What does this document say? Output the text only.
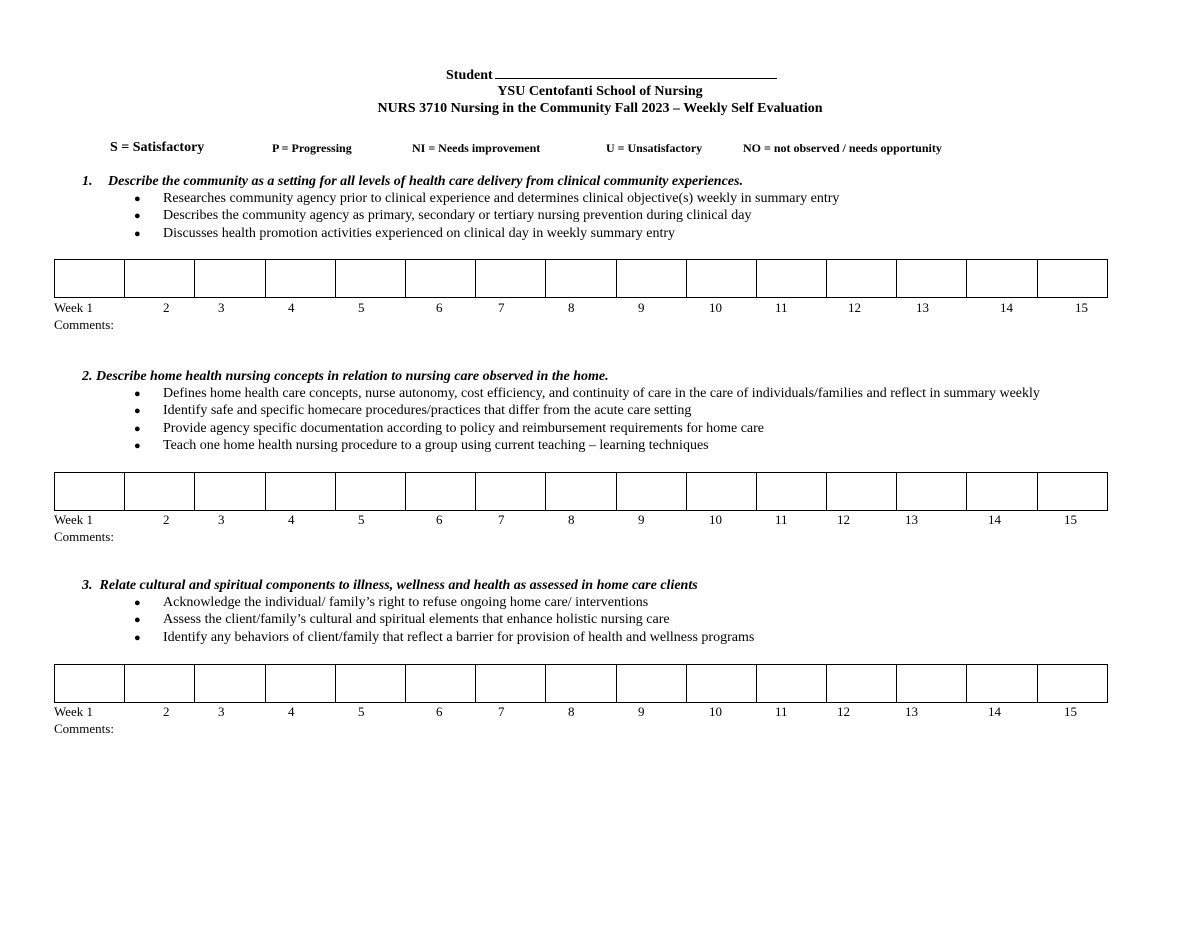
Student
YSU Centofanti School of Nursing
NURS 3710 Nursing in the Community Fall 2023 – Weekly Self Evaluation
S = Satisfactory	P = Progressing	NI = Needs improvement	U = Unsatisfactory	NO = not observed / needs opportunity
1. Describe the community as a setting for all levels of health care delivery from clinical community experiences.
● Researches community agency prior to clinical experience and determines clinical objective(s) weekly in summary entry
● Describes the community agency as primary, secondary or tertiary nursing prevention during clinical day
● Discusses health promotion activities experienced on clinical day in weekly summary entry

Week 1	2	3	4	5	6	7	8	9	10	11	12	13	14	15
Comments:
2. Describe home health nursing concepts in relation to nursing care observed in the home.
● Defines home health care concepts, nurse autonomy, cost efficiency, and continuity of care in the care of individuals/families and reflect in summary weekly
● Identify safe and specific homecare procedures/practices that differ from the acute care setting
● Provide agency specific documentation according to policy and reimbursement requirements for home care
● Teach one home health nursing procedure to a group using current teaching – learning techniques

Week 1	2	3	4	5	6	7	8	9	10	11	12	13	14	15
Comments:
3. Relate cultural and spiritual components to illness, wellness and health as assessed in home care clients
● Acknowledge the individual/ family’s right to refuse ongoing home care/ interventions
● Assess the client/family’s cultural and spiritual elements that enhance holistic nursing care
● Identify any behaviors of client/family that reflect a barrier for provision of health and wellness programs

Week 1	2	3	4	5	6	7	8	9	10	11	12	13	14	15
Comments:
